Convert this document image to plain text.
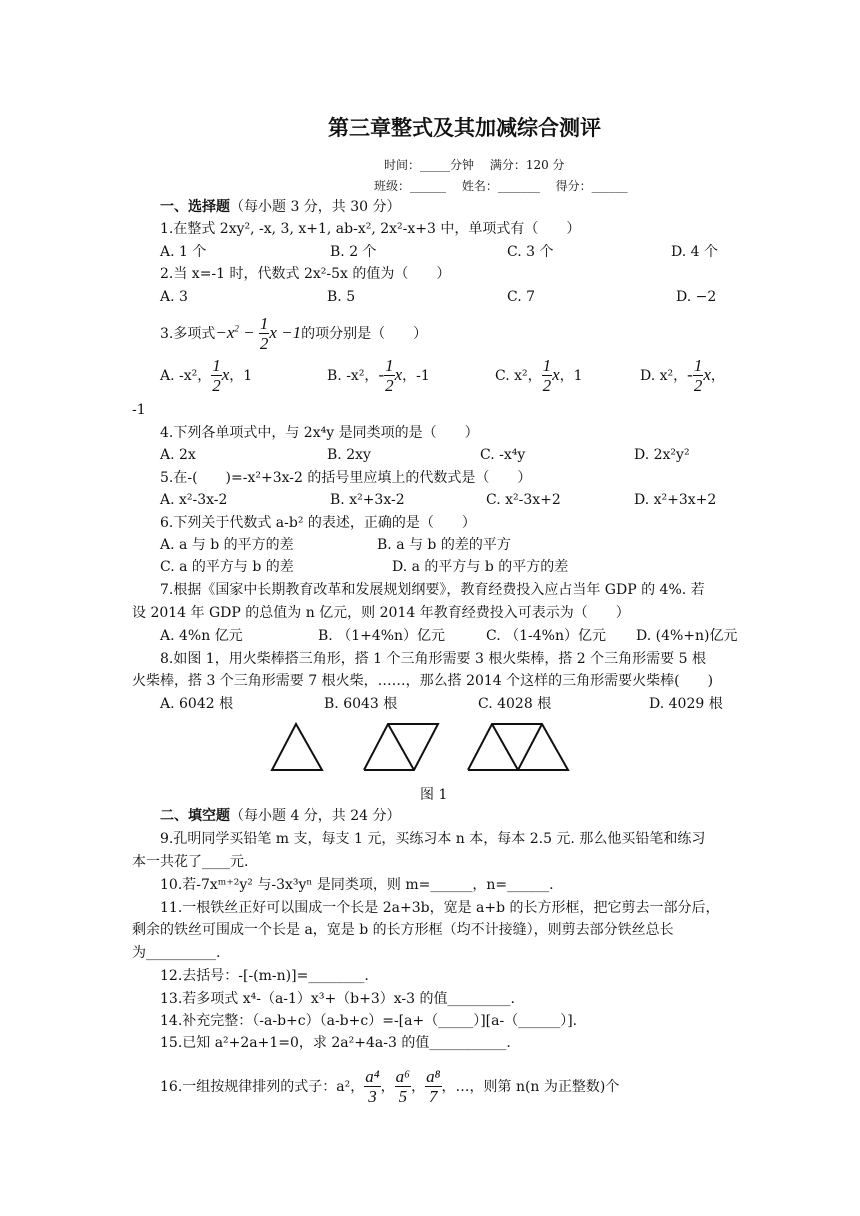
第三章整式及其加减综合测评
时间：_____分钟　 满分：120 分
班级：______　 姓名：_______　 得分：______
一、选择题（每小题 3 分，共 30 分）
1.在整式 2xy², -x, 3, x+1, ab-x², 2x²-x+3 中，单项式有（　　）
A. 1 个	B. 2 个	C. 3 个	D. 4 个
2.当 x=-1 时，代数式 2x²-5x 的值为（　　）
A. 3	B. 5	C. 7	D. −2
3.多项式$-x^2 - \frac{1}{2}$ x −1的项分别是（　　）
A. -x²， $\frac{1}{2}$ x，1	B. -x²，- $\frac{1}{2}$ x，-1	C. x²， $\frac{1}{2}$ x，1	D. x²，- $\frac{1}{2}$ x，
-1
4.下列各单项式中，与 2x⁴y 是同类项的是（　　）
A. 2x	B. 2xy	C. -x⁴y	D. 2x²y²
5.在-(　　)=-x²+3x-2 的括号里应填上的代数式是（　　）
A. x²-3x-2	B. x²+3x-2	C. x²-3x+2	D. x²+3x+2
6.下列关于代数式 a-b² 的表述，正确的是（　　）
A. a 与 b 的平方的差	B. a 与 b 的差的平方
C. a 的平方与 b 的差	D. a 的平方与 b 的平方的差
7.根据《国家中长期教育改革和发展规划纲要》，教育经费投入应占当年 GDP 的 4%. 若
设 2014 年 GDP 的总值为 n 亿元，则 2014 年教育经费投入可表示为（　　）
A. 4%n 亿元	B. （1+4%n）亿元	C. （1-4%n）亿元 D. (4%+n)亿元
8.如图 1，用火柴棒搭三角形，搭 1 个三角形需要 3 根火柴棒，搭 2 个三角形需要 5 根
火柴棒，搭 3 个三角形需要 7 根火柴，……，那么搭 2014 个这样的三角形需要火柴棒(　　)
A. 6042 根	B. 6043 根	C. 4028 根	D. 4029 根
图 1
二、填空题（每小题 4 分，共 24 分）
9.孔明同学买铅笔 m 支，每支 1 元，买练习本 n 本，每本 2.5 元. 那么他买铅笔和练习
本一共花了____元.
10.若-7xᵐ⁺²y² 与-3x³yⁿ 是同类项，则 m=______，n=______.
11.一根铁丝正好可以围成一个长是 2a+3b，宽是 a+b 的长方形框，把它剪去一部分后，
剩余的铁丝可围成一个长是 a，宽是 b 的长方形框（均不计接缝），则剪去部分铁丝总长
为__________.
12.去括号：-[-(m-n)]=________.
13.若多项式 x⁴-（a-1）x³+（b+3）x-3 的值_________.
14.补充完整：（-a-b+c）（a-b+c）=-[a+（_____）][a-（______）].
15.已知 a²+2a+1=0，求 2a²+4a-3 的值___________.
16.一组按规律排列的式子：a²， $\frac{\text{a⁴}}{3}$ ， $\frac{\text{a⁶}}{5}$ ， $\frac{\text{a⁸}}{7}$ ，…，则第 n(n 为正整数)个
